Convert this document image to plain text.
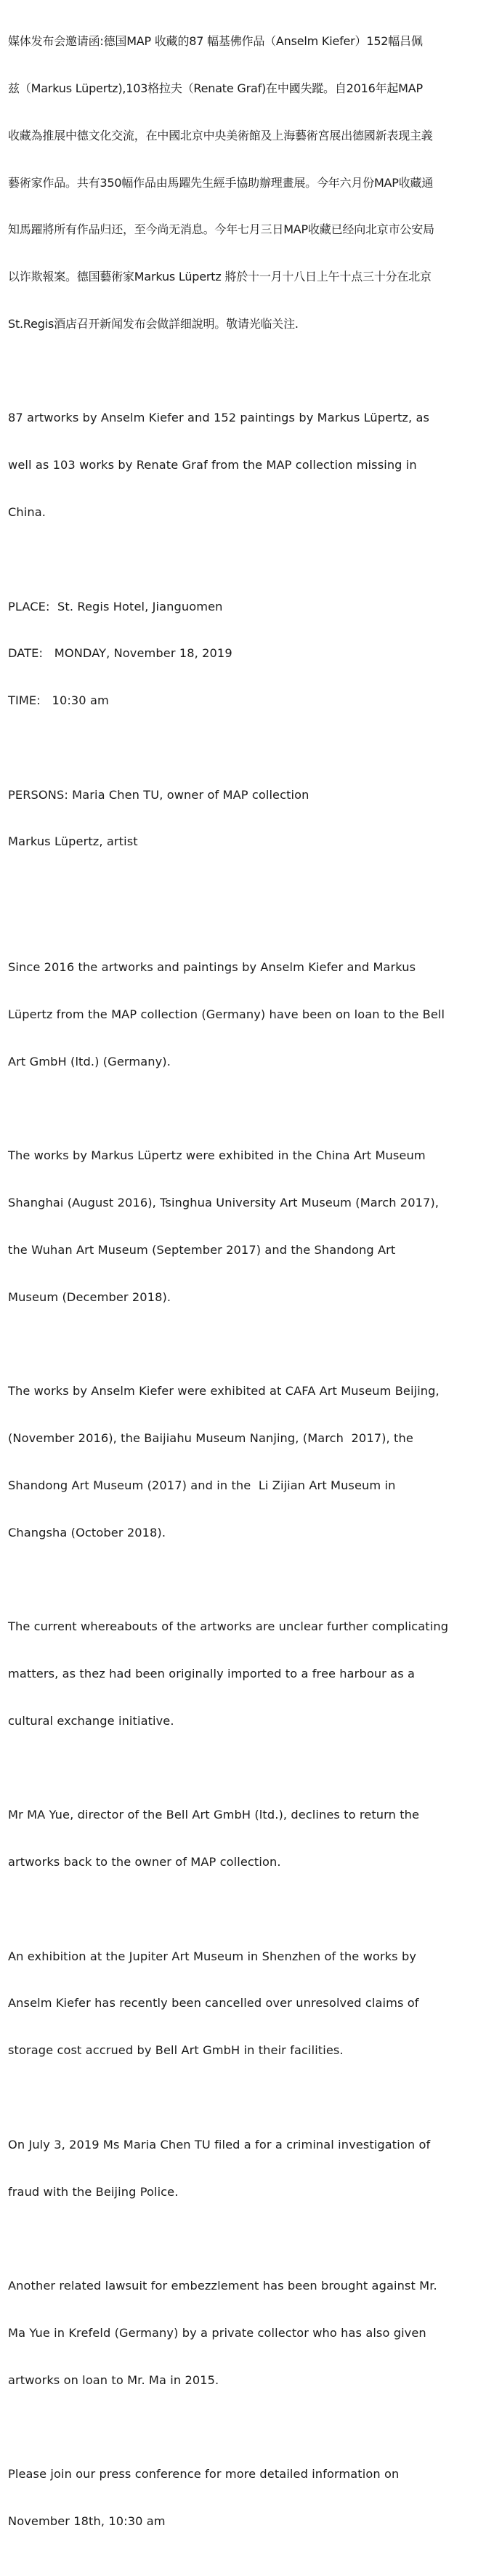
媒体发布会邀请函:德国MAP 收藏的87 幅基佛作品（Anselm Kiefer）152幅吕佩

兹（Markus Lüpertz),103格拉夫（Renate Graf)在中國失蹤。自2016年起MAP

收藏為推展中德文化交流，在中國北京中央美術館及上海藝術宮展出德國新表现主義

藝術家作品。共有350幅作品由馬躍先生經手協助辦理畫展。今年六月份MAP收藏通

知馬躍將所有作品归还，至今尚无消息。今年七月三日MAP收藏已经向北京市公安局

以诈欺報案。德国藝術家Markus Lüpertz 將於十一月十八日上午十点三十分在北京

St.Regis酒店召开新闻发布会做詳细說明。敬请光临关注.

87 artworks by Anselm Kiefer and 152 paintings by Markus Lüpertz, as

well as 103 works by Renate Graf from the MAP collection missing in

China.

PLACE:  St. Regis Hotel, Jianguomen

DATE:   MONDAY, November 18, 2019

TIME:   10:30 am

PERSONS: Maria Chen TU, owner of MAP collection

Markus Lüpertz, artist

Since 2016 the artworks and paintings by Anselm Kiefer and Markus

Lüpertz from the MAP collection (Germany) have been on loan to the Bell

Art GmbH (ltd.) (Germany).

The works by Markus Lüpertz were exhibited in the China Art Museum

Shanghai (August 2016), Tsinghua University Art Museum (March 2017),

the Wuhan Art Museum (September 2017) and the Shandong Art

Museum (December 2018).

The works by Anselm Kiefer were exhibited at CAFA Art Museum Beijing,

(November 2016), the Baijiahu Museum Nanjing, (March  2017), the

Shandong Art Museum (2017) and in the  Li Zijian Art Museum in

Changsha (October 2018).

The current whereabouts of the artworks are unclear further complicating

matters, as thez had been originally imported to a free harbour as a

cultural exchange initiative.

Mr MA Yue, director of the Bell Art GmbH (ltd.), declines to return the

artworks back to the owner of MAP collection.

An exhibition at the Jupiter Art Museum in Shenzhen of the works by

Anselm Kiefer has recently been cancelled over unresolved claims of

storage cost accrued by Bell Art GmbH in their facilities.

On July 3, 2019 Ms Maria Chen TU filed a for a criminal investigation of

fraud with the Beijing Police.

Another related lawsuit for embezzlement has been brought against Mr.

Ma Yue in Krefeld (Germany) by a private collector who has also given

artworks on loan to Mr. Ma in 2015.

Please join our press conference for more detailed information on

November 18th, 10:30 am
